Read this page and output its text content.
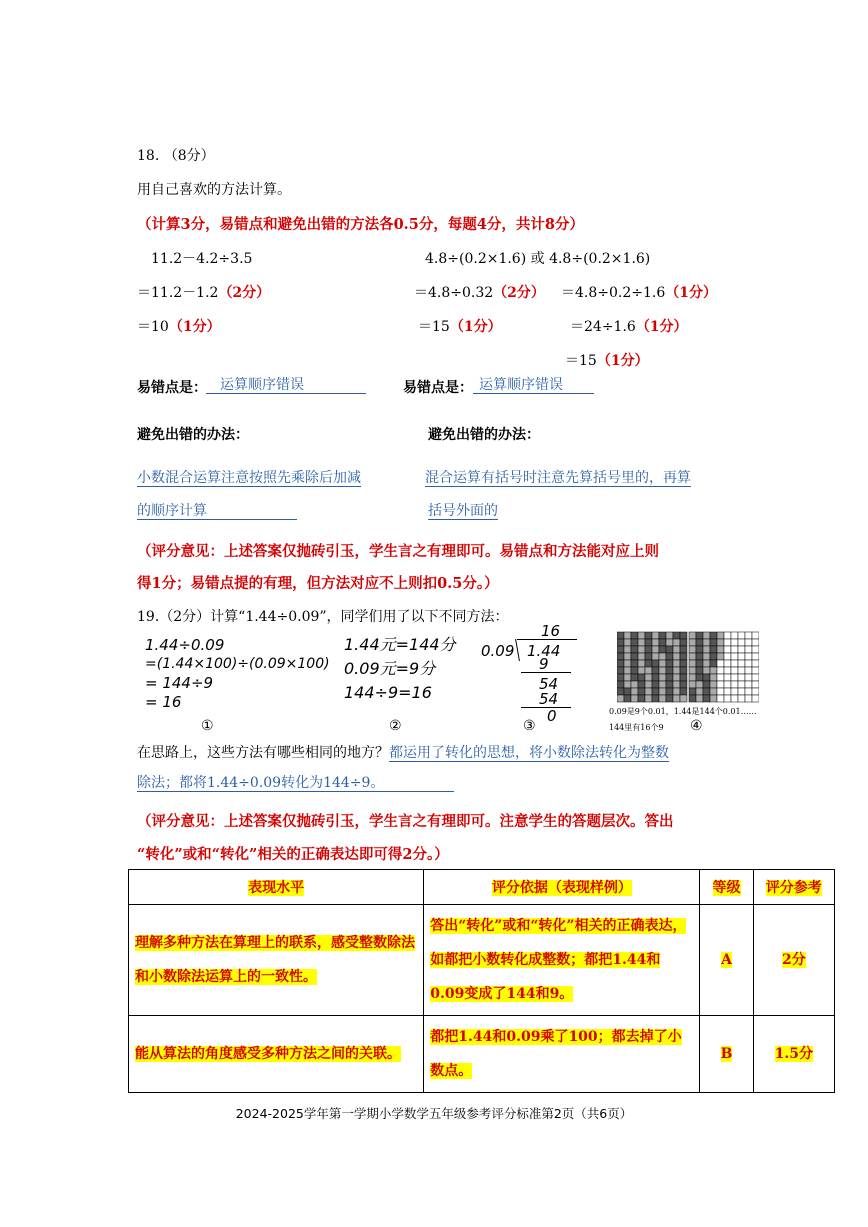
18. （8分）
用自己喜欢的方法计算。
（计算3分，易错点和避免出错的方法各0.5分，每题4分，共计8分）
11.2－4.2÷3.5
＝11.2－1.2（2分）
＝10（1分）
4.8÷(0.2×1.6) 或 4.8÷(0.2×1.6)
＝4.8÷0.32（2分） ＝4.8÷0.2÷1.6（1分）
＝15（1分）	＝24÷1.6（1分）
＝15（1分）
易错点是： 运算顺序错误	易错点是： 运算顺序错误
避免出错的办法：	避免出错的办法：
小数混合运算注意按照先乘除后加减
的顺序计算
混合运算有括号时注意先算括号里的，再算
括号外面的
（评分意见：上述答案仅抛砖引玉，学生言之有理即可。易错点和方法能对应上则
得1分；易错点提的有理，但方法对应不上则扣0.5分。）
19.（2分）计算“1.44÷0.09”，同学们用了以下不同方法：
1.44÷0.09
=(1.44×100)÷(0.09×100)
= 144÷9
= 16
①
1.44元=144分
0.09元=9分
144÷9=16
②
16
0.09 1.44
9
54
54
0
③
0.09是9个0.01，1.44是144个0.01……
144里有16个9 ④
在思路上，这些方法有哪些相同的地方？都运用了转化的思想，将小数除法转化为整数
除法；都将1.44÷0.09转化为144÷9。
（评分意见：上述答案仅抛砖引玉，学生言之有理即可。注意学生的答题层次。答出
“转化”或和“转化”相关的正确表达即可得2分。）
表现水平	评分依据（表现样例）	等级	评分参考
理解多种方法在算理上的联系，感受整数除法和小数除法运算上的一致性。	答出“转化”或和“转化”相关的正确表达，如都把小数转化成整数；都把1.44和0.09变成了144和9。	A	2分
能从算法的角度感受多种方法之间的关联。	都把1.44和0.09乘了100；都去掉了小数点。	B	1.5分
2024-2025学年第一学期小学数学五年级参考评分标准第2页（共6页）
